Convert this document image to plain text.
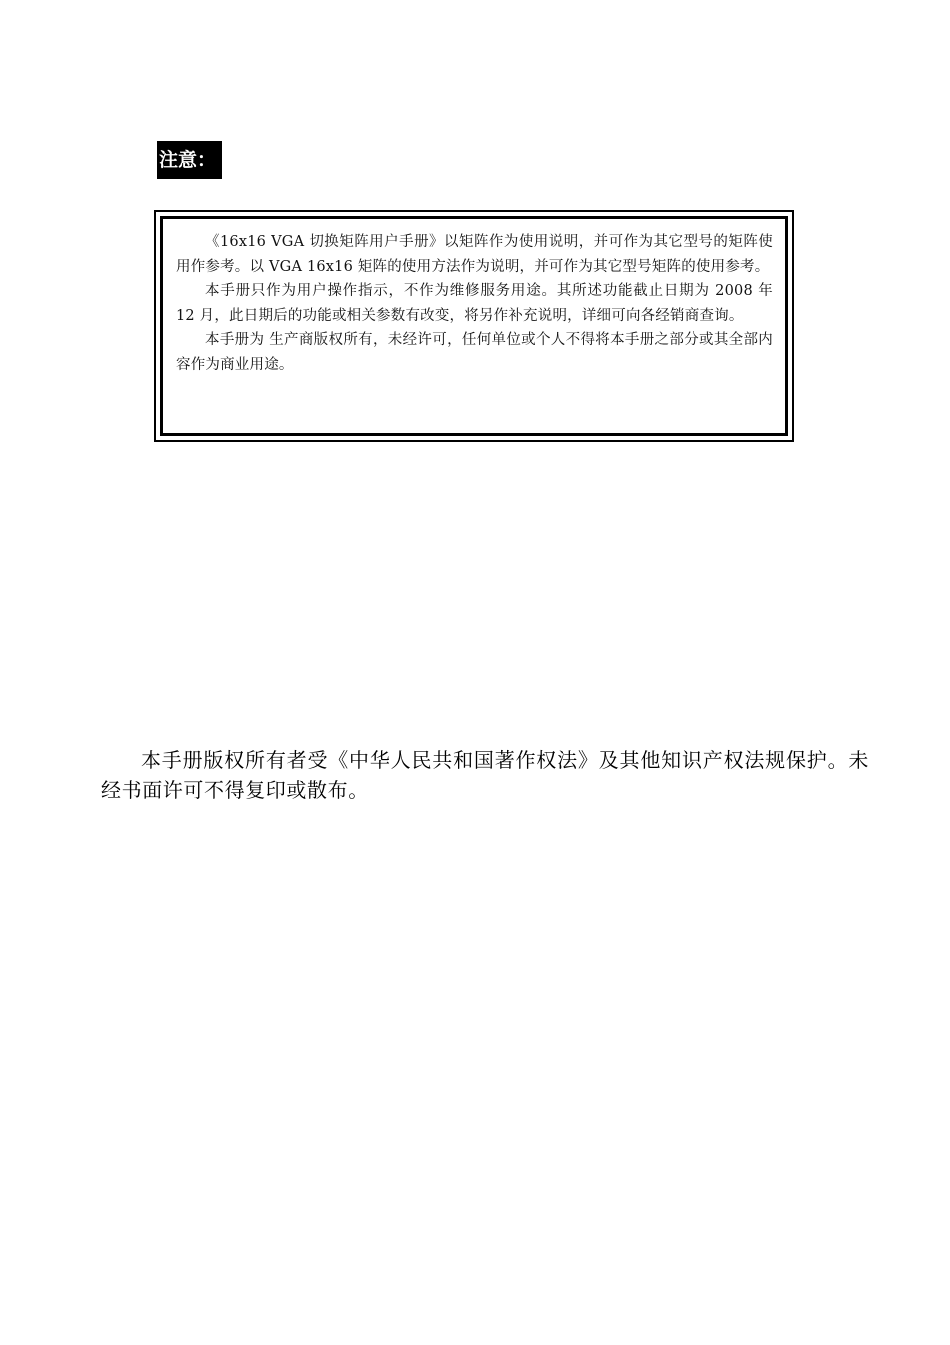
注意：

《16x16 VGA 切换矩阵用户手册》以矩阵作为使用说明，并可作为其它型号的矩阵使用作参考。以 VGA 16x16 矩阵的使用方法作为说明，并可作为其它型号矩阵的使用参考。

本手册只作为用户操作指示，不作为维修服务用途。其所述功能截止日期为 2008 年 12 月，此日期后的功能或相关参数有改变，将另作补充说明，详细可向各经销商查询。

本手册为 生产商版权所有，未经许可，任何单位或个人不得将本手册之部分或其全部内容作为商业用途。

本手册版权所有者受《中华人民共和国著作权法》及其他知识产权法规保护。未经书面许可不得复印或散布。
